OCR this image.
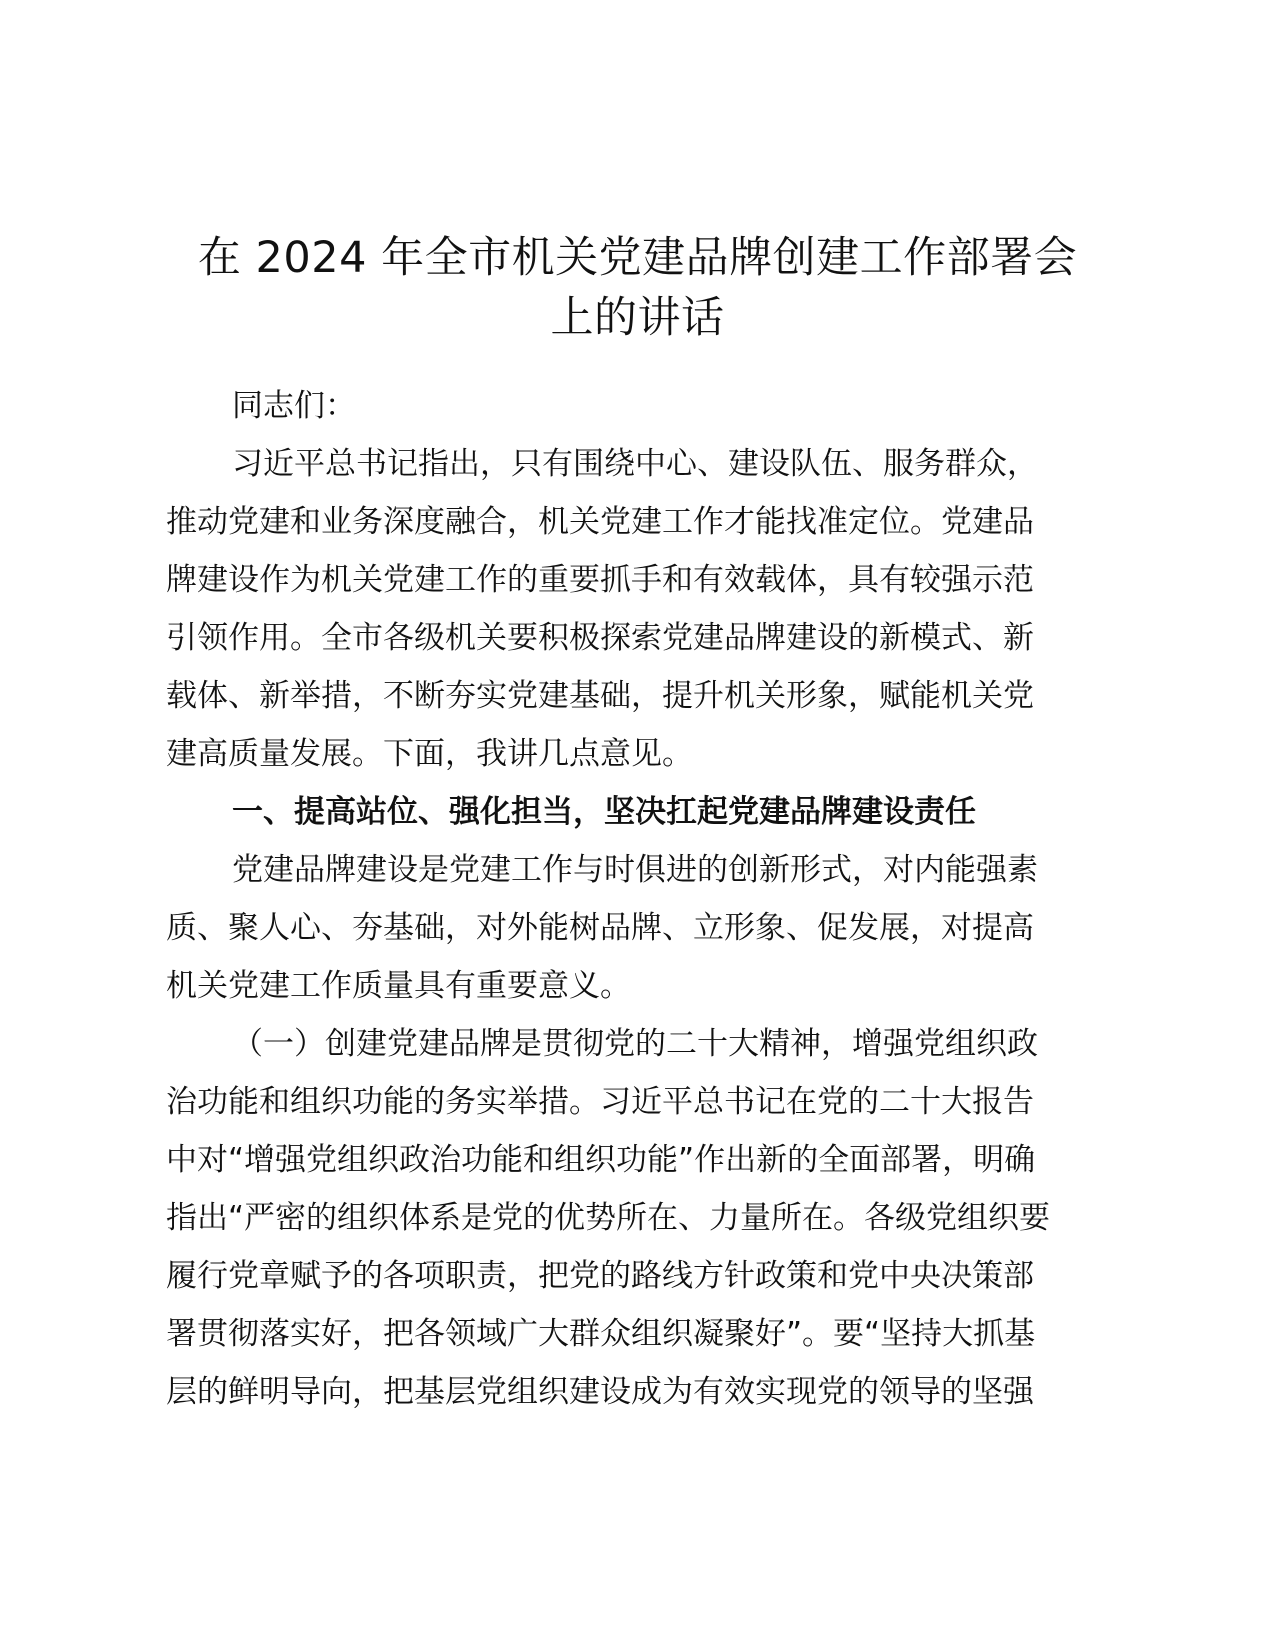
在 2024 年全市机关党建品牌创建工作部署会
上的讲话
同志们：
习近平总书记指出，只有围绕中心、建设队伍、服务群众，
推动党建和业务深度融合，机关党建工作才能找准定位。党建品
牌建设作为机关党建工作的重要抓手和有效载体，具有较强示范
引领作用。全市各级机关要积极探索党建品牌建设的新模式、新
载体、新举措，不断夯实党建基础，提升机关形象，赋能机关党
建高质量发展。下面，我讲几点意见。
一、提高站位、强化担当，坚决扛起党建品牌建设责任
党建品牌建设是党建工作与时俱进的创新形式，对内能强素
质、聚人心、夯基础，对外能树品牌、立形象、促发展，对提高
机关党建工作质量具有重要意义。
（一）创建党建品牌是贯彻党的二十大精神，增强党组织政
治功能和组织功能的务实举措。习近平总书记在党的二十大报告
中对“增强党组织政治功能和组织功能”作出新的全面部署，明确
指出“严密的组织体系是党的优势所在、力量所在。各级党组织要
履行党章赋予的各项职责，把党的路线方针政策和党中央决策部
署贯彻落实好，把各领域广大群众组织凝聚好”。要“坚持大抓基
层的鲜明导向，把基层党组织建设成为有效实现党的领导的坚强
